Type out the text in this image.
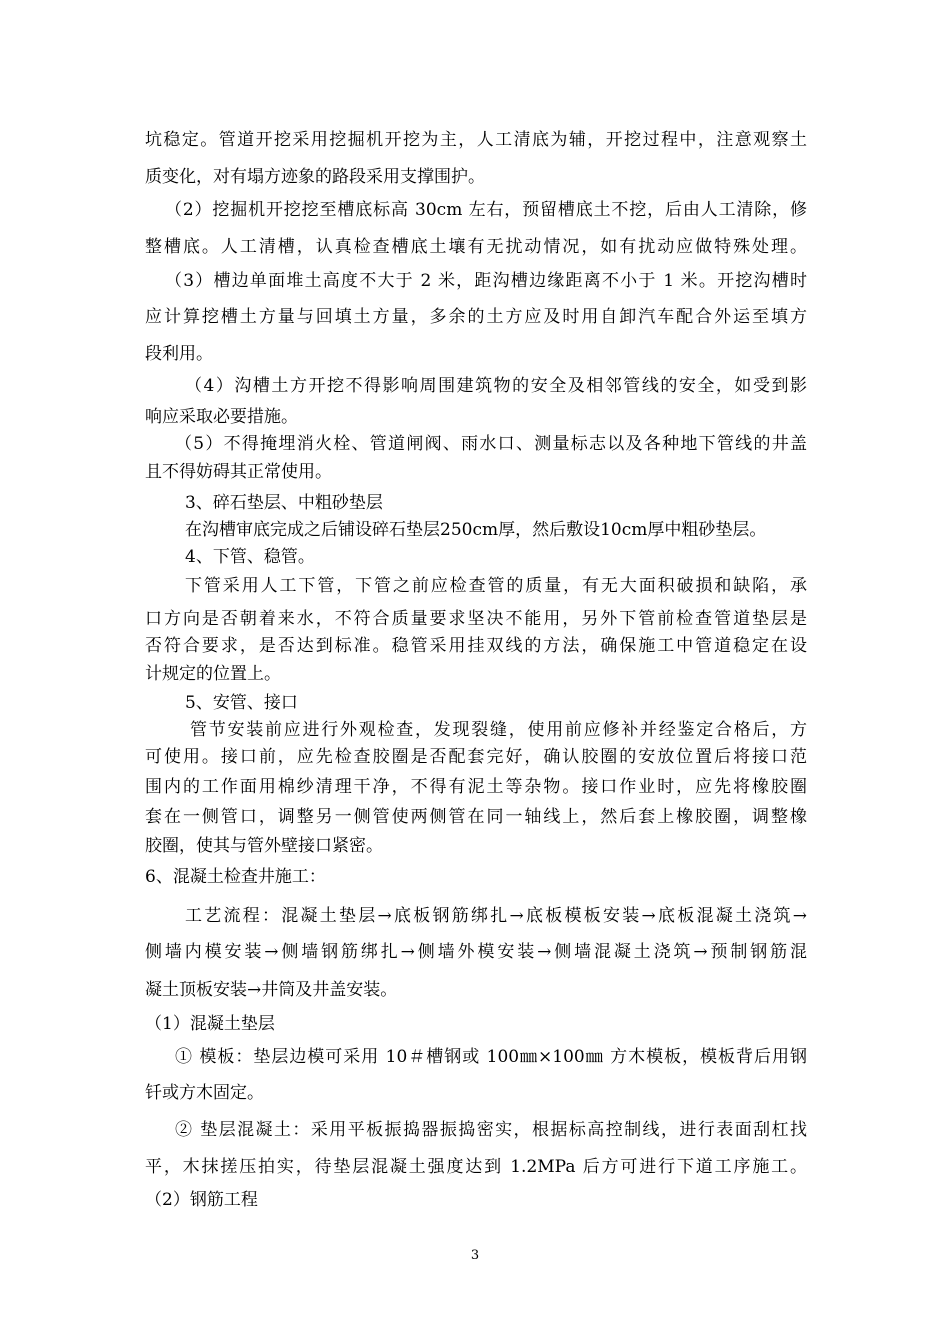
坑稳定。管道开挖采用挖掘机开挖为主，人工清底为辅，开挖过程中，注意观察土
质变化，对有塌方迹象的路段采用支撑围护。
（2）挖掘机开挖挖至槽底标高 30cm 左右，预留槽底土不挖，后由人工清除，修
整槽底。人工清槽，认真检查槽底土壤有无扰动情况，如有扰动应做特殊处理。
（3）槽边单面堆土高度不大于 2 米，距沟槽边缘距离不小于 1 米。开挖沟槽时
应计算挖槽土方量与回填土方量，多余的土方应及时用自卸汽车配合外运至填方
段利用。
（4）沟槽土方开挖不得影响周围建筑物的安全及相邻管线的安全，如受到影
响应采取必要措施。
（5）不得掩埋消火栓、管道闸阀、雨水口、测量标志以及各种地下管线的井盖
且不得妨碍其正常使用。
3、碎石垫层、中粗砂垫层
在沟槽审底完成之后铺设碎石垫层250cm厚，然后敷设10cm厚中粗砂垫层。
4、下管、稳管。
下管采用人工下管，下管之前应检查管的质量，有无大面积破损和缺陷，承
口方向是否朝着来水，不符合质量要求坚决不能用，另外下管前检查管道垫层是
否符合要求，是否达到标准。稳管采用挂双线的方法，确保施工中管道稳定在设
计规定的位置上。
5、安管、接口
管节安装前应进行外观检查，发现裂缝，使用前应修补并经鉴定合格后，方
可使用。接口前，应先检查胶圈是否配套完好，确认胶圈的安放位置后将接口范
围内的工作面用棉纱清理干净，不得有泥土等杂物。接口作业时，应先将橡胶圈
套在一侧管口，调整另一侧管使两侧管在同一轴线上，然后套上橡胶圈，调整橡
胶圈，使其与管外壁接口紧密。
6、混凝土检查井施工：
工艺流程：混凝土垫层→底板钢筋绑扎→底板模板安装→底板混凝土浇筑→
侧墙内模安装→侧墙钢筋绑扎→侧墙外模安装→侧墙混凝土浇筑→预制钢筋混
凝土顶板安装→井筒及井盖安装。
（1）混凝土垫层
① 模板：垫层边模可采用 10＃槽钢或 100㎜×100㎜ 方木模板，模板背后用钢
钎或方木固定。
② 垫层混凝土：采用平板振捣器振捣密实，根据标高控制线，进行表面刮杠找
平，木抹搓压拍实，待垫层混凝土强度达到 1.2MPa 后方可进行下道工序施工。
（2）钢筋工程
3
